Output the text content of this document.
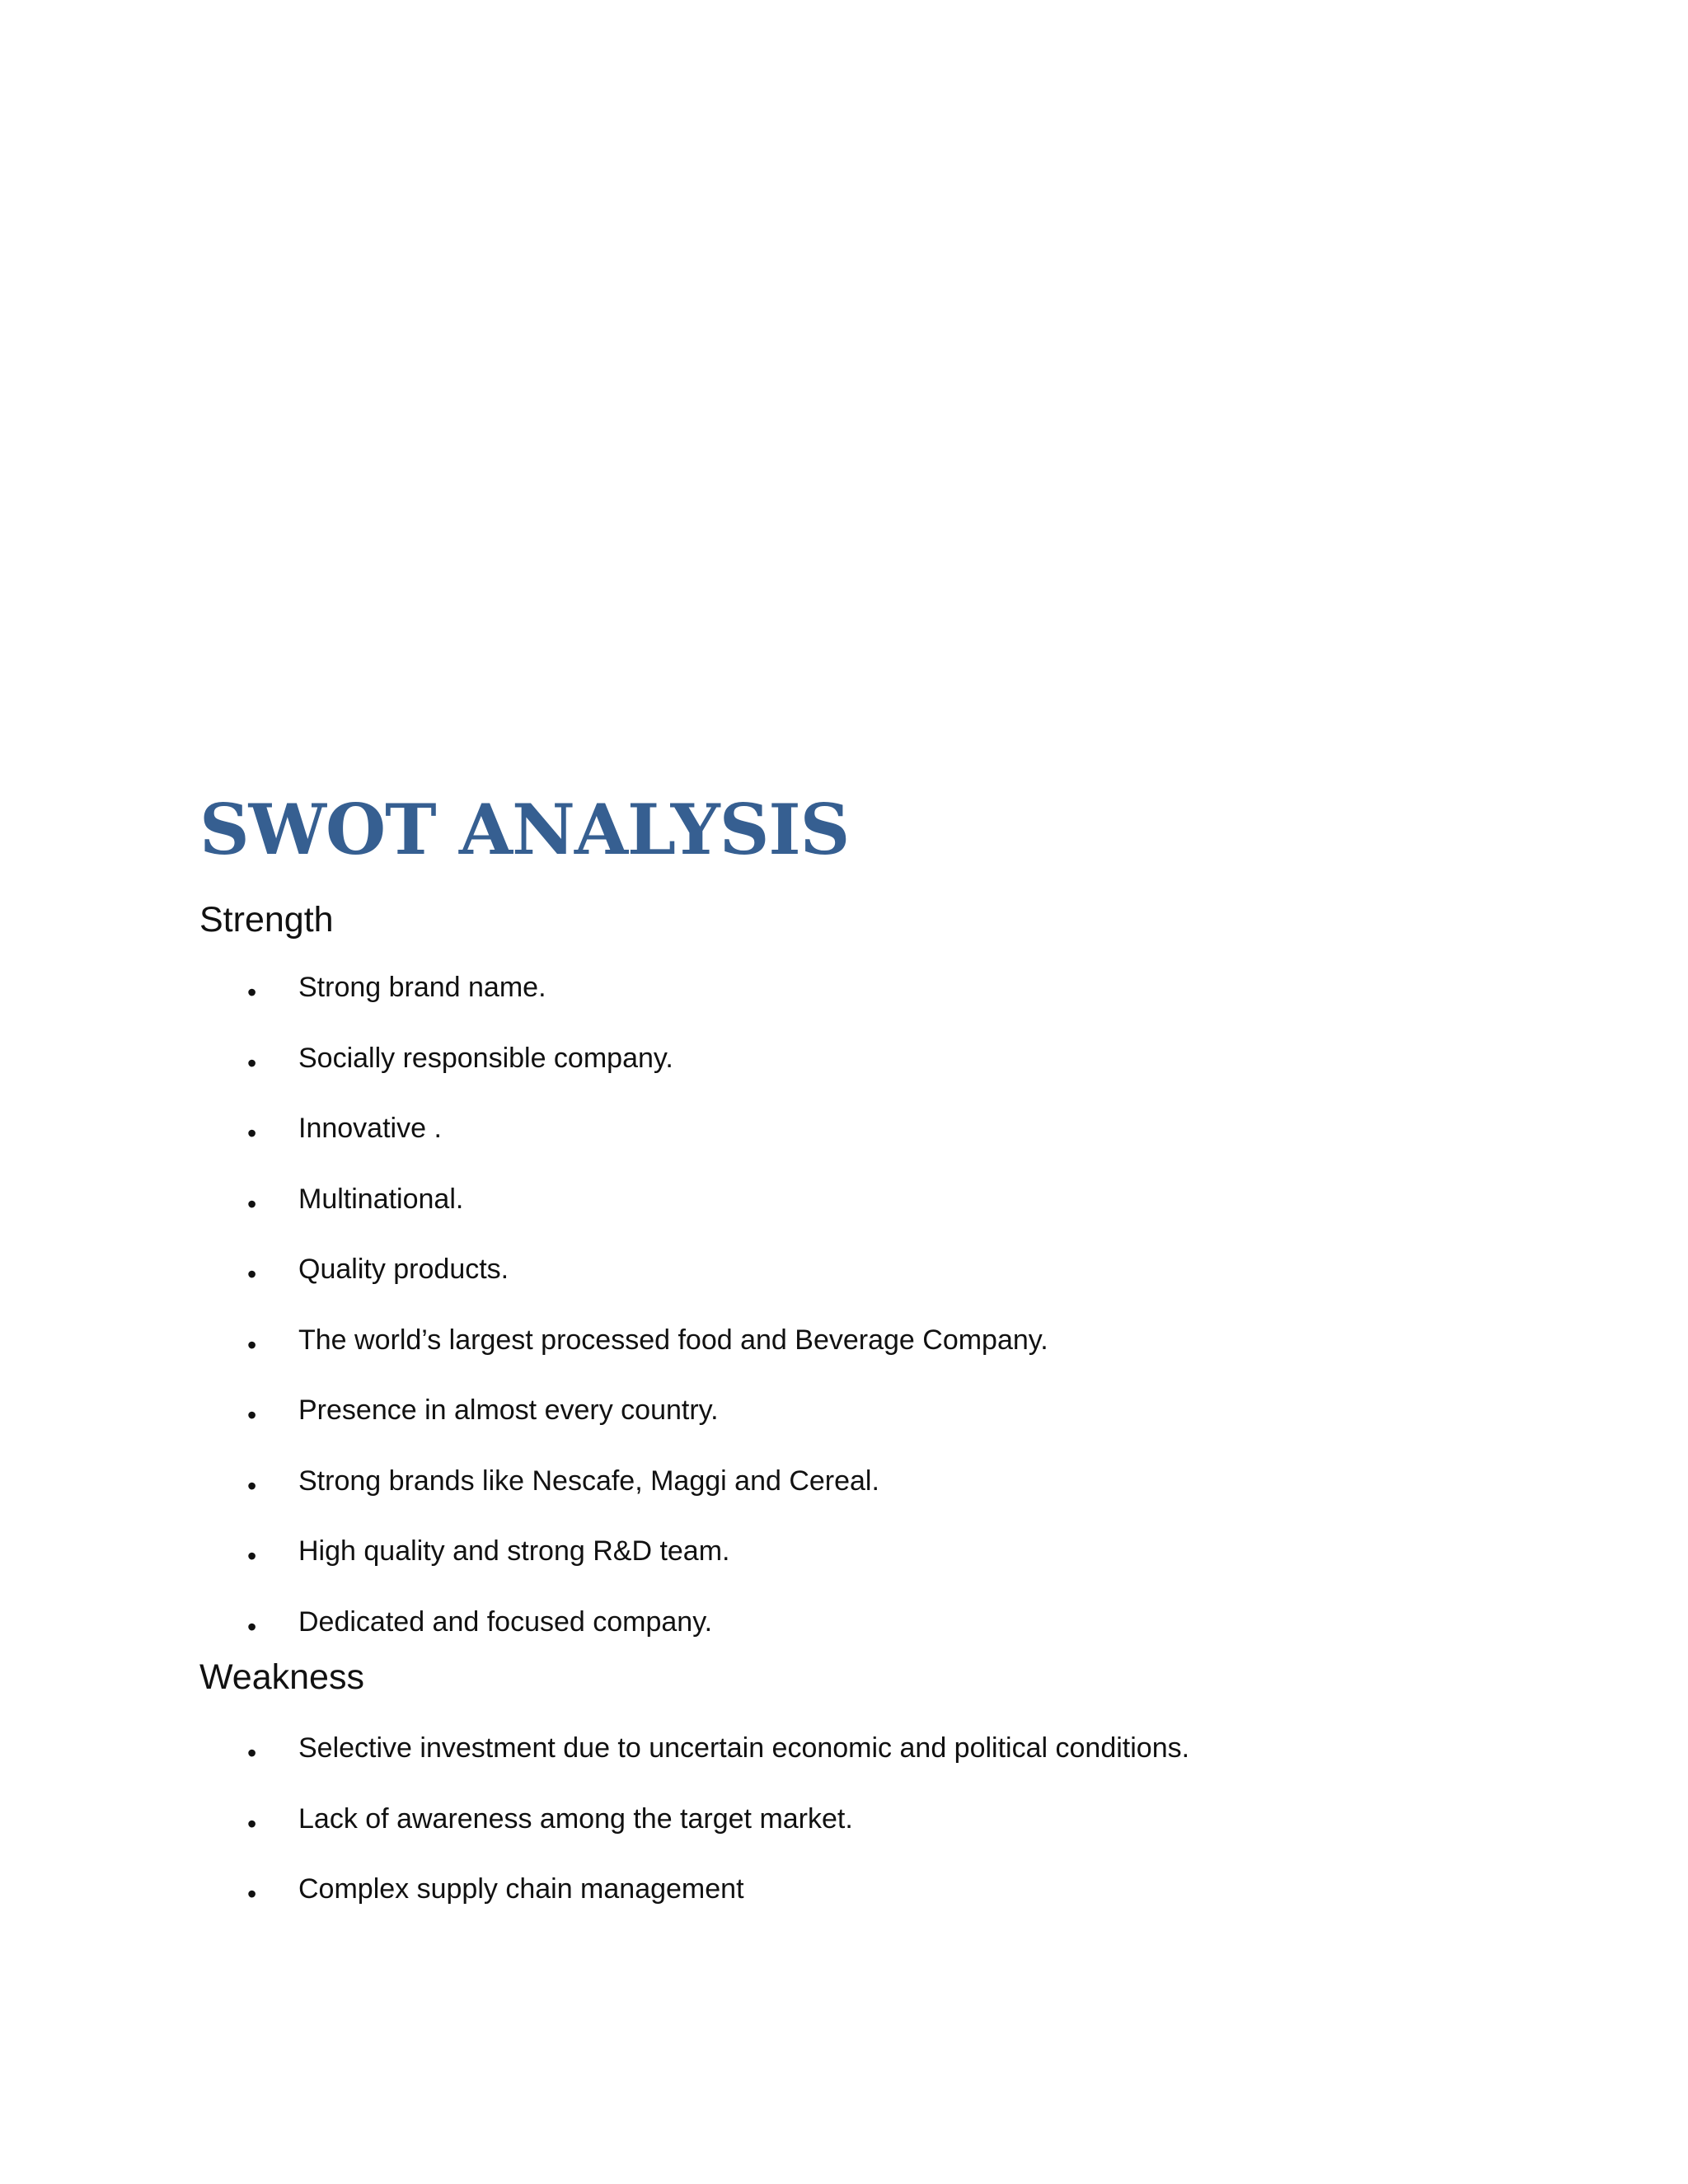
SWOT ANALYSIS
Strength
• Strong brand name.
• Socially responsible company.
• Innovative .
• Multinational.
• Quality products.
• The world’s largest processed food and Beverage Company.
• Presence in almost every country.
• Strong brands like Nescafe, Maggi and Cereal.
• High quality and strong R&D team.
• Dedicated and focused company.
Weakness
• Selective investment due to uncertain economic and political conditions.
• Lack of awareness among the target market.
• Complex supply chain management
